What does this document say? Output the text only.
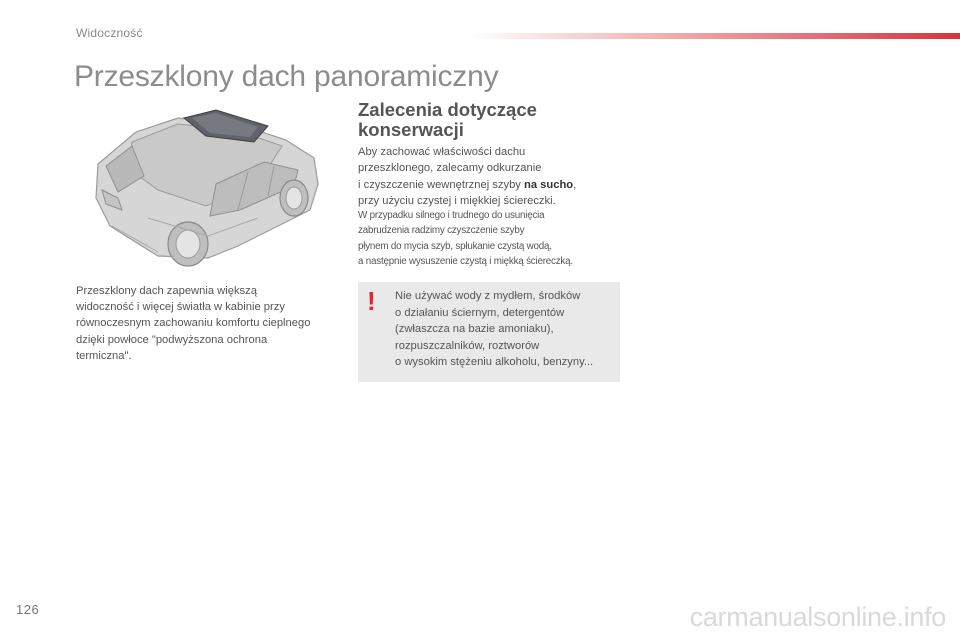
Widoczność
Przeszklony dach panoramiczny

Przeszklony dach zapewnia większą
widoczność i więcej światła w kabinie przy
równoczesnym zachowaniu komfortu cieplnego
dzięki powłoce "podwyższona ochrona
termiczna".

Zalecenia dotyczące
konserwacji

Aby zachować właściwości dachu
przeszklonego, zalecamy odkurzanie
i czyszczenie wewnętrznej szyby na sucho,
przy użyciu czystej i miękkiej ściereczki.

W przypadku silnego i trudnego do usunięcia
zabrudzenia radzimy czyszczenie szyby
płynem do mycia szyb, spłukanie czystą wodą,
a następnie wysuszenie czystą i miękką ściereczką.

! Nie używać wody z mydłem, środków
o działaniu ściernym, detergentów
(zwłaszcza na bazie amoniaku),
rozpuszczalników, roztworów
o wysokim stężeniu alkoholu, benzyny...

126	carmanualsonline.info
